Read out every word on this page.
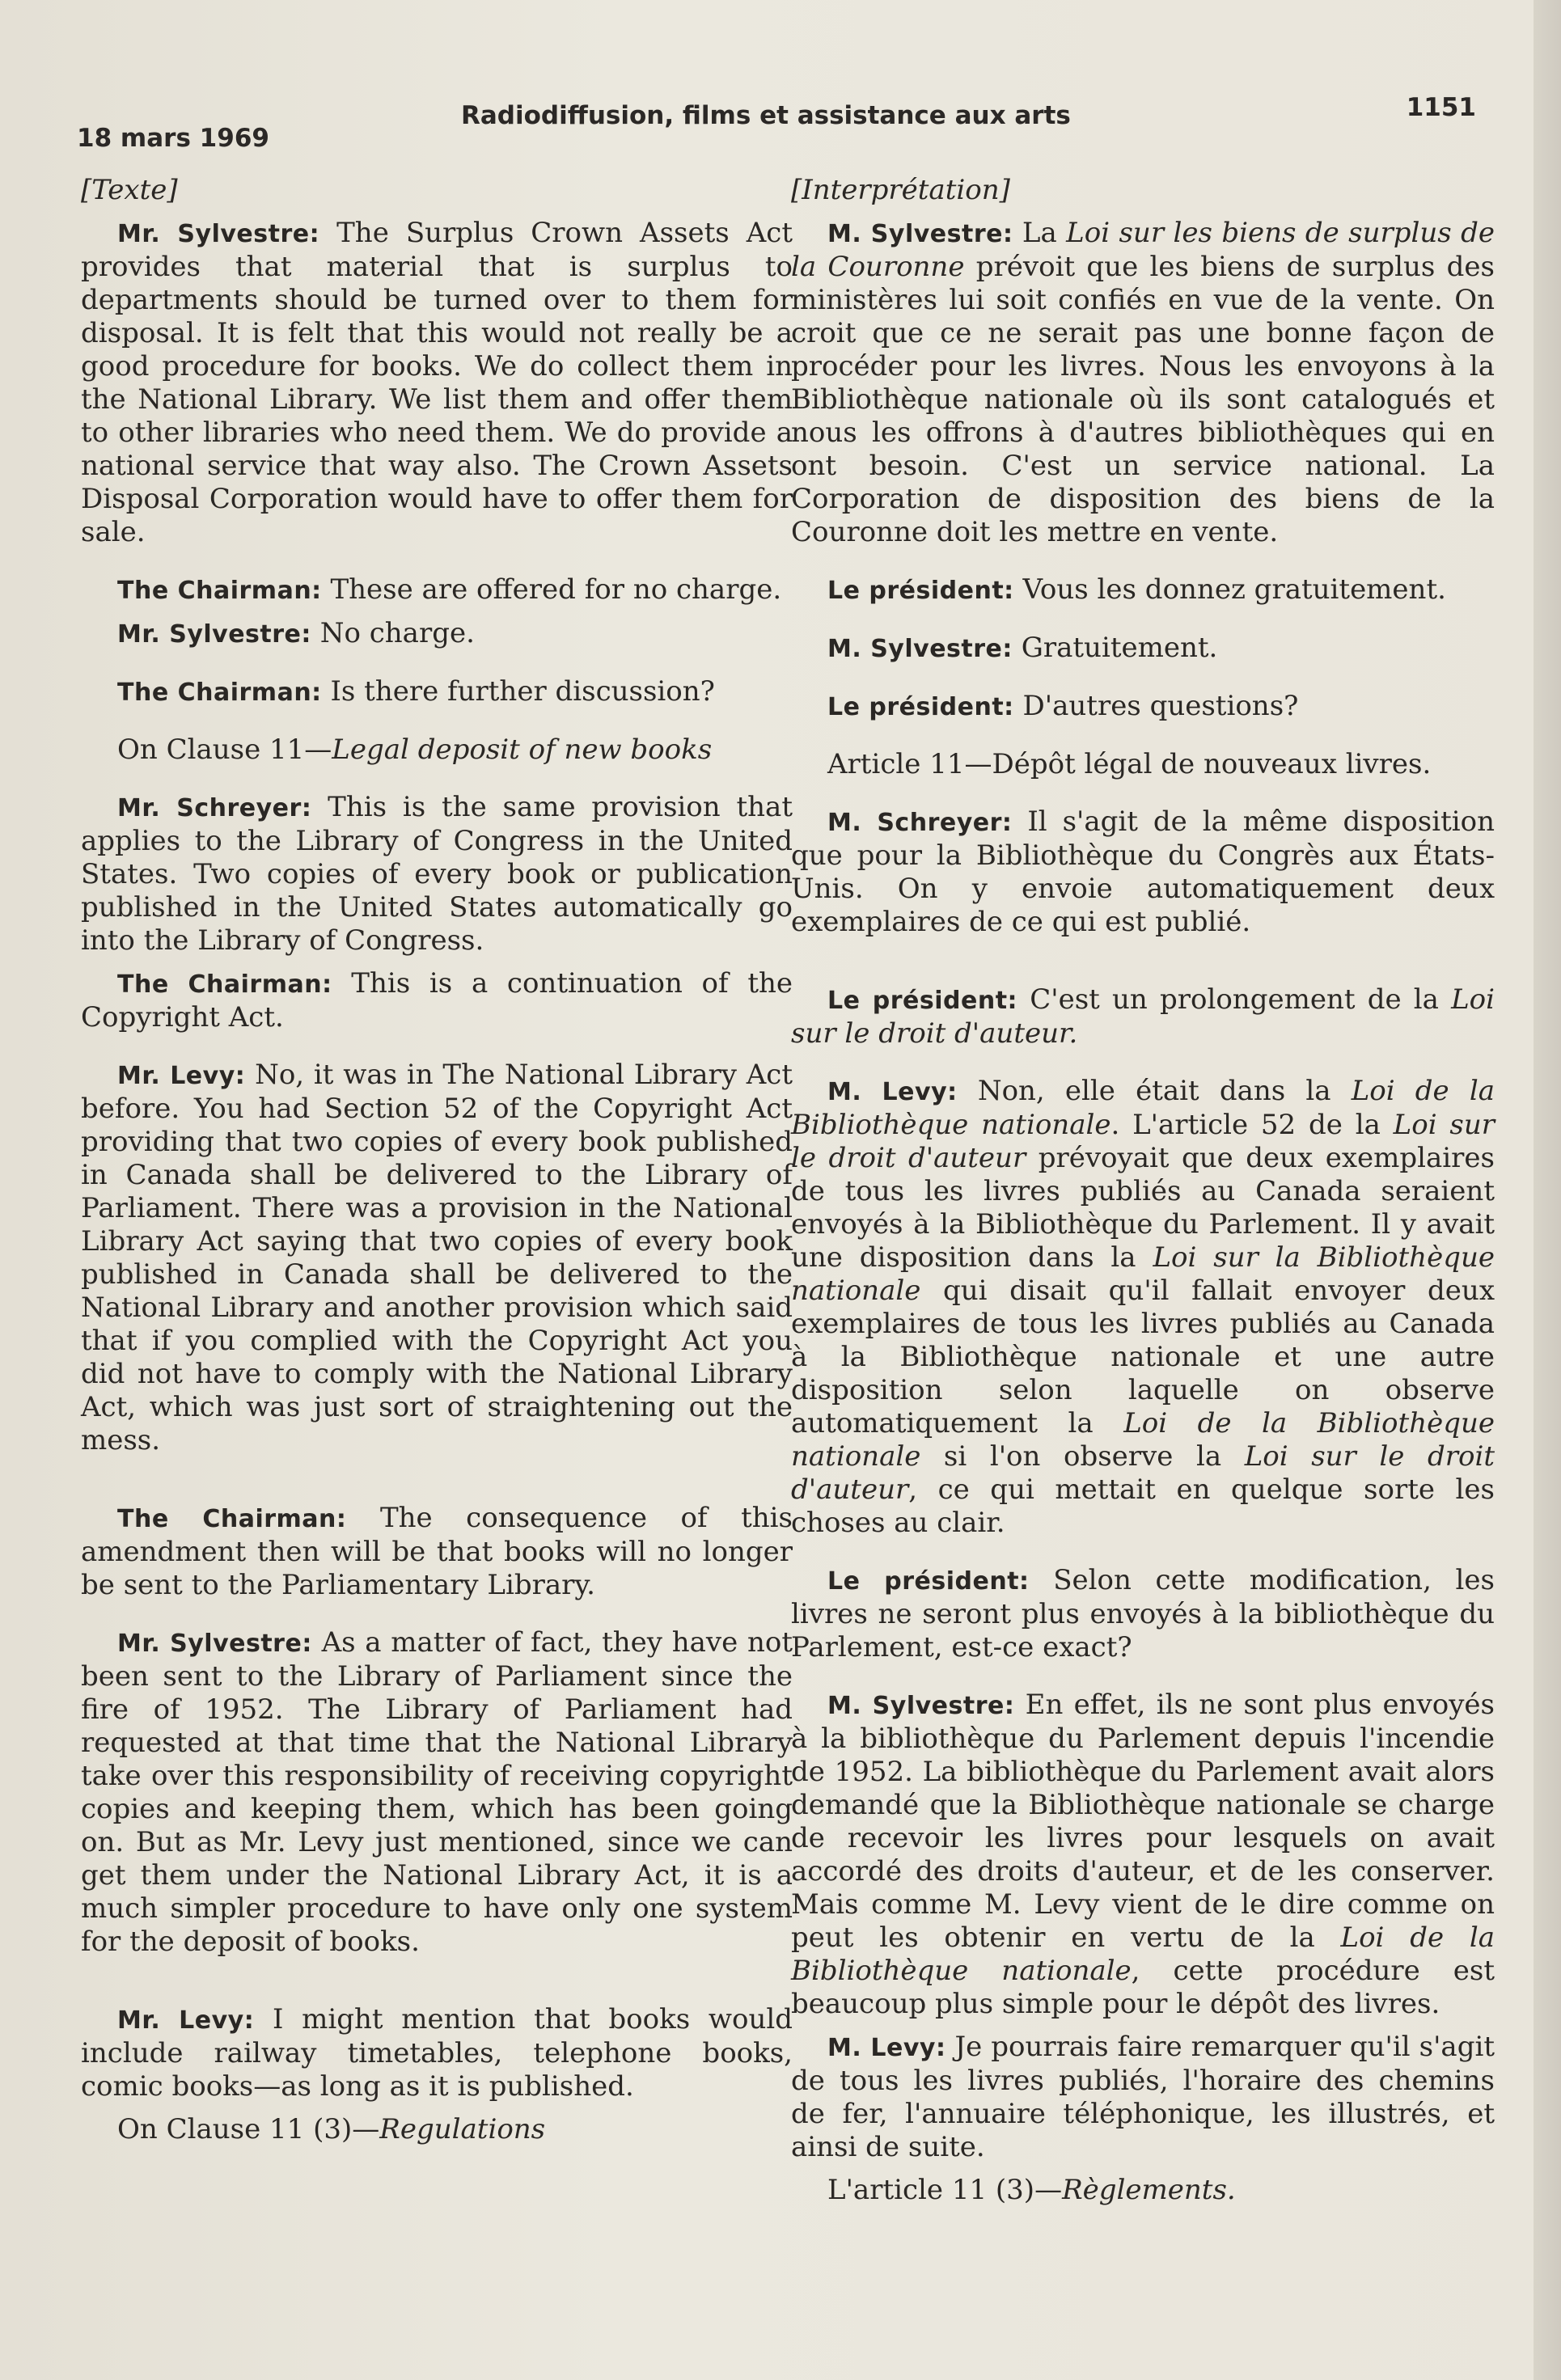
18 mars 1969
Radiodiffusion, films et assistance aux arts	1151

[Texte]

Mr. Sylvestre: The Surplus Crown Assets Act provides that material that is surplus to departments should be turned over to them for disposal. It is felt that this would not really be a good procedure for books. We do collect them in the National Library. We list them and offer them to other libraries who need them. We do provide a national service that way also. The Crown Assets Disposal Corporation would have to offer them for sale.

The Chairman: These are offered for no charge.

Mr. Sylvestre: No charge.

The Chairman: Is there further discussion?

On Clause 11—Legal deposit of new books

Mr. Schreyer: This is the same provision that applies to the Library of Congress in the United States. Two copies of every book or publication published in the United States automatically go into the Library of Congress.

The Chairman: This is a continuation of the Copyright Act.

Mr. Levy: No, it was in The National Library Act before. You had Section 52 of the Copyright Act providing that two copies of every book published in Canada shall be delivered to the Library of Parliament. There was a provision in the National Library Act saying that two copies of every book published in Canada shall be delivered to the National Library and another provision which said that if you complied with the Copyright Act you did not have to comply with the National Library Act, which was just sort of straightening out the mess.

The Chairman: The consequence of this amendment then will be that books will no longer be sent to the Parliamentary Library.

Mr. Sylvestre: As a matter of fact, they have not been sent to the Library of Parliament since the fire of 1952. The Library of Parliament had requested at that time that the National Library take over this responsibility of receiving copyright copies and keeping them, which has been going on. But as Mr. Levy just mentioned, since we can get them under the National Library Act, it is a much simpler procedure to have only one system for the deposit of books.

Mr. Levy: I might mention that books would include railway timetables, telephone books, comic books—as long as it is published.

On Clause 11 (3)—Regulations

[Interprétation]

M. Sylvestre: La Loi sur les biens de surplus de la Couronne prévoit que les biens de surplus des ministères lui soit confiés en vue de la vente. On croit que ce ne serait pas une bonne façon de procéder pour les livres. Nous les envoyons à la Bibliothèque nationale où ils sont catalogués et nous les offrons à d'autres bibliothèques qui en ont besoin. C'est un service national. La Corporation de disposition des biens de la Couronne doit les mettre en vente.

Le président: Vous les donnez gratuitement.

M. Sylvestre: Gratuitement.

Le président: D'autres questions?

Article 11—Dépôt légal de nouveaux livres.

M. Schreyer: Il s'agit de la même disposition que pour la Bibliothèque du Congrès aux États-Unis. On y envoie automatiquement deux exemplaires de ce qui est publié.

Le président: C'est un prolongement de la Loi sur le droit d'auteur.

M. Levy: Non, elle était dans la Loi de la Bibliothèque nationale. L'article 52 de la Loi sur le droit d'auteur prévoyait que deux exemplaires de tous les livres publiés au Canada seraient envoyés à la Bibliothèque du Parlement. Il y avait une disposition dans la Loi sur la Bibliothèque nationale qui disait qu'il fallait envoyer deux exemplaires de tous les livres publiés au Canada à la Bibliothèque nationale et une autre disposition selon laquelle on observe automatiquement la Loi de la Bibliothèque nationale si l'on observe la Loi sur le droit d'auteur, ce qui mettait en quelque sorte les choses au clair.

Le président: Selon cette modification, les livres ne seront plus envoyés à la bibliothèque du Parlement, est-ce exact?

M. Sylvestre: En effet, ils ne sont plus envoyés à la bibliothèque du Parlement depuis l'incendie de 1952. La bibliothèque du Parlement avait alors demandé que la Bibliothèque nationale se charge de recevoir les livres pour lesquels on avait accordé des droits d'auteur, et de les conserver. Mais comme M. Levy vient de le dire comme on peut les obtenir en vertu de la Loi de la Bibliothèque nationale, cette procédure est beaucoup plus simple pour le dépôt des livres.

M. Levy: Je pourrais faire remarquer qu'il s'agit de tous les livres publiés, l'horaire des chemins de fer, l'annuaire téléphonique, les illustrés, et ainsi de suite.

L'article 11 (3)—Règlements.
